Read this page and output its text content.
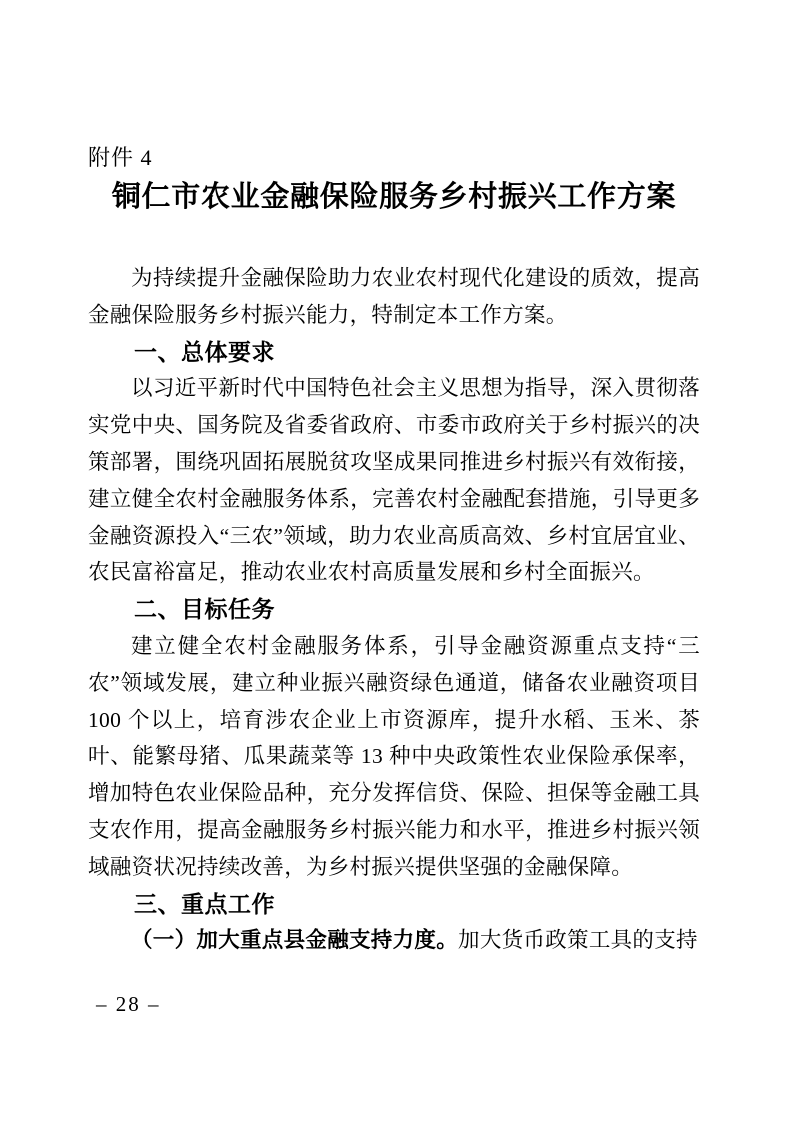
附件 4
铜仁市农业金融保险服务乡村振兴工作方案

为持续提升金融保险助力农业农村现代化建设的质效，提高金融保险服务乡村振兴能力，特制定本工作方案。

一、总体要求

以习近平新时代中国特色社会主义思想为指导，深入贯彻落实党中央、国务院及省委省政府、市委市政府关于乡村振兴的决策部署，围绕巩固拓展脱贫攻坚成果同推进乡村振兴有效衔接，建立健全农村金融服务体系，完善农村金融配套措施，引导更多金融资源投入“三农”领域，助力农业高质高效、乡村宜居宜业、农民富裕富足，推动农业农村高质量发展和乡村全面振兴。

二、目标任务

建立健全农村金融服务体系，引导金融资源重点支持“三农”领域发展，建立种业振兴融资绿色通道，储备农业融资项目 100 个以上，培育涉农企业上市资源库，提升水稻、玉米、茶叶、能繁母猪、瓜果蔬菜等 13 种中央政策性农业保险承保率，增加特色农业保险品种，充分发挥信贷、保险、担保等金融工具支农作用，提高金融服务乡村振兴能力和水平，推进乡村振兴领域融资状况持续改善，为乡村振兴提供坚强的金融保障。

三、重点工作

（一）加大重点县金融支持力度。加大货币政策工具的支持

– 28 –
